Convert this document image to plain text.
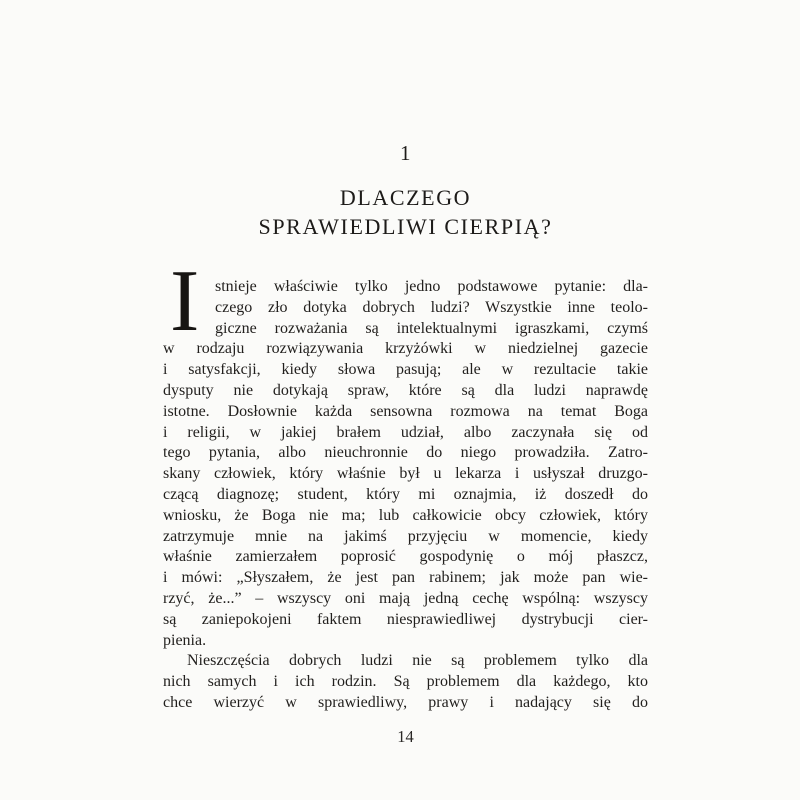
1
DLACZEGO
SPRAWIEDLIWI CIERPIĄ?
I stnieje właściwie tylko jedno podstawowe pytanie: dla-
czego zło dotyka dobrych ludzi? Wszystkie inne teolo-
giczne rozważania są intelektualnymi igraszkami, czymś
w rodzaju rozwiązywania krzyżówki w niedzielnej gazecie
i satysfakcji, kiedy słowa pasują; ale w rezultacie takie
dysputy nie dotykają spraw, które są dla ludzi naprawdę
istotne. Dosłownie każda sensowna rozmowa na temat Boga
i religii, w jakiej brałem udział, albo zaczynała się od
tego pytania, albo nieuchronnie do niego prowadziła. Zatro-
skany człowiek, który właśnie był u lekarza i usłyszał druzgo-
czącą diagnozę; student, który mi oznajmia, iż doszedł do
wniosku, że Boga nie ma; lub całkowicie obcy człowiek, który
zatrzymuje mnie na jakimś przyjęciu w momencie, kiedy
właśnie zamierzałem poprosić gospodynię o mój płaszcz,
i mówi: „Słyszałem, że jest pan rabinem; jak może pan wie-
rzyć, że...” – wszyscy oni mają jedną cechę wspólną: wszyscy
są zaniepokojeni faktem niesprawiedliwej dystrybucji cier-
pienia.
Nieszczęścia dobrych ludzi nie są problemem tylko dla
nich samych i ich rodzin. Są problemem dla każdego, kto
chce wierzyć w sprawiedliwy, prawy i nadający się do
14
